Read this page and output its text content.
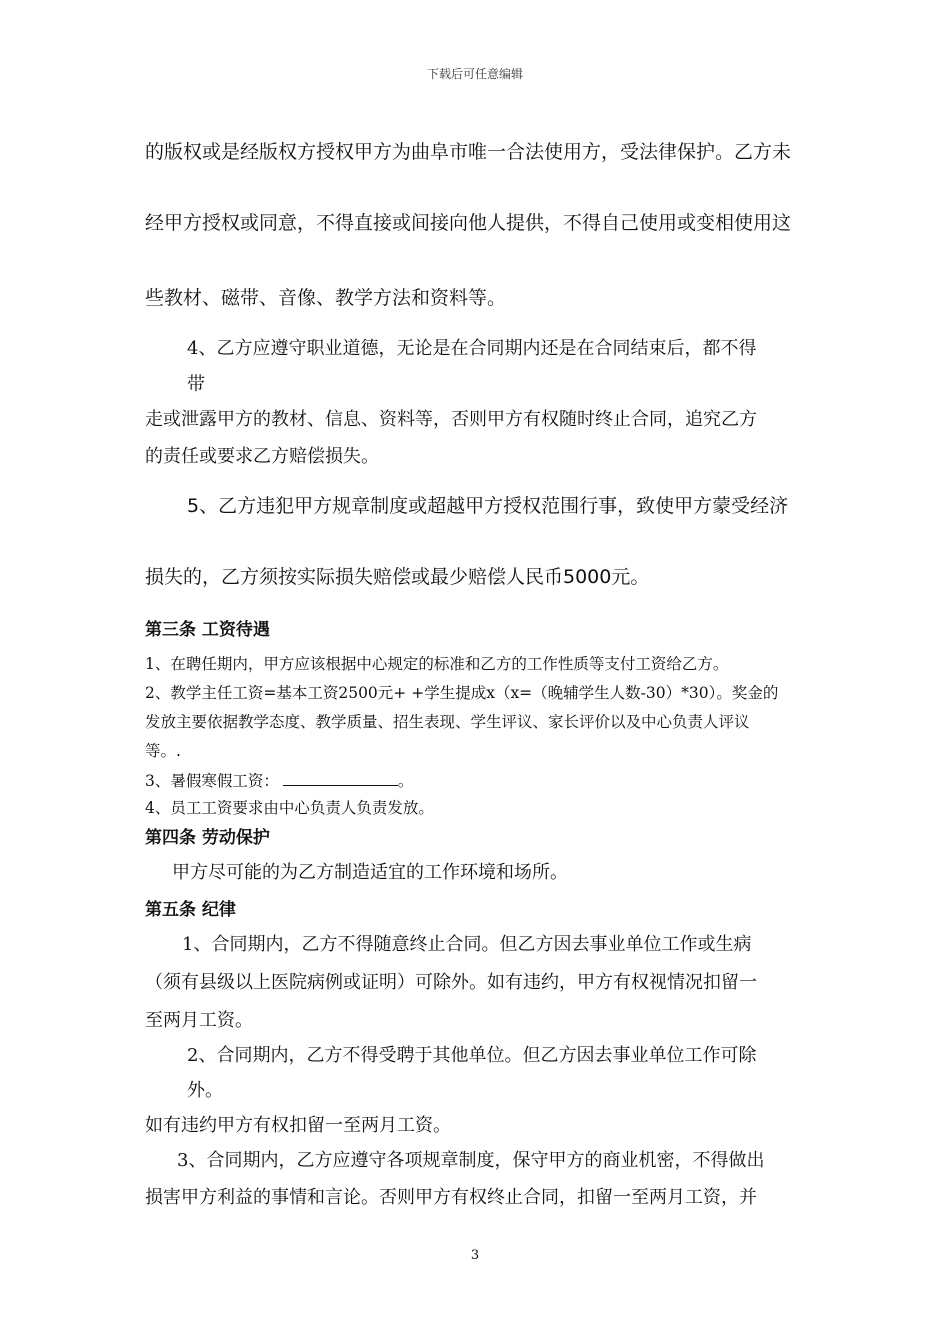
下载后可任意编辑

的版权或是经版权方授权甲方为曲阜市唯一合法使用方，受法律保护。乙方未

经甲方授权或同意，不得直接或间接向他人提供，不得自己使用或变相使用这

些教材、磁带、音像、教学方法和资料等。

4、乙方应遵守职业道德，无论是在合同期内还是在合同结束后，都不得

带

走或泄露甲方的教材、信息、资料等，否则甲方有权随时终止合同，追究乙方

的责任或要求乙方赔偿损失。

5、乙方违犯甲方规章制度或超越甲方授权范围行事，致使甲方蒙受经济

损失的，乙方须按实际损失赔偿或最少赔偿人民币5000元。

第三条 工资待遇

1、在聘任期内，甲方应该根据中心规定的标准和乙方的工作性质等支付工资给乙方。

2、教学主任工资=基本工资2500元+ +学生提成x（x=（晚辅学生人数-30）*30）。奖金的

发放主要依据教学态度、教学质量、招生表现、学生评议、家长评价以及中心负责人评议

等。.

3、暑假寒假工资：	。

4、员工工资要求由中心负责人负责发放。

第四条 劳动保护

甲方尽可能的为乙方制造适宜的工作环境和场所。

第五条 纪律

1、合同期内，乙方不得随意终止合同。但乙方因去事业单位工作或生病

（须有县级以上医院病例或证明）可除外。如有违约，甲方有权视情况扣留一

至两月工资。

2、合同期内，乙方不得受聘于其他单位。但乙方因去事业单位工作可除

外。

如有违约甲方有权扣留一至两月工资。

3、合同期内，乙方应遵守各项规章制度，保守甲方的商业机密，不得做出

损害甲方利益的事情和言论。否则甲方有权终止合同，扣留一至两月工资，并

3
